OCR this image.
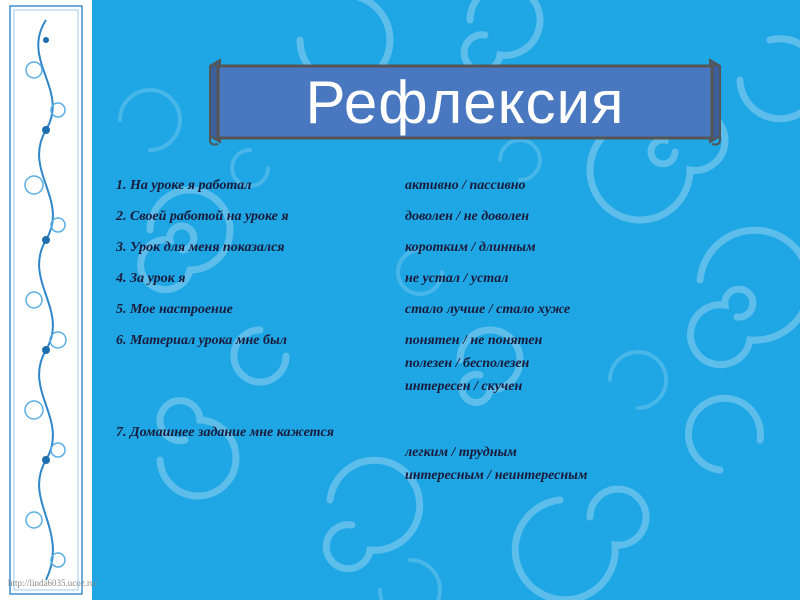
Рефлексия
1. На уроке я работал	активно / пассивно
2. Своей работой на уроке я	доволен / не доволен
3. Урок для меня показался	коротким / длинным
4. За урок я	не устал / устал
5. Мое настроение	стало лучше / стало хуже
6. Материал урока мне был	понятен / не понятен
полезен / бесполезен
интересен / скучен
7. Домашнее задание мне кажется
легким / трудным
интересным / неинтересным
http://linda6035.ucoz.ru/
